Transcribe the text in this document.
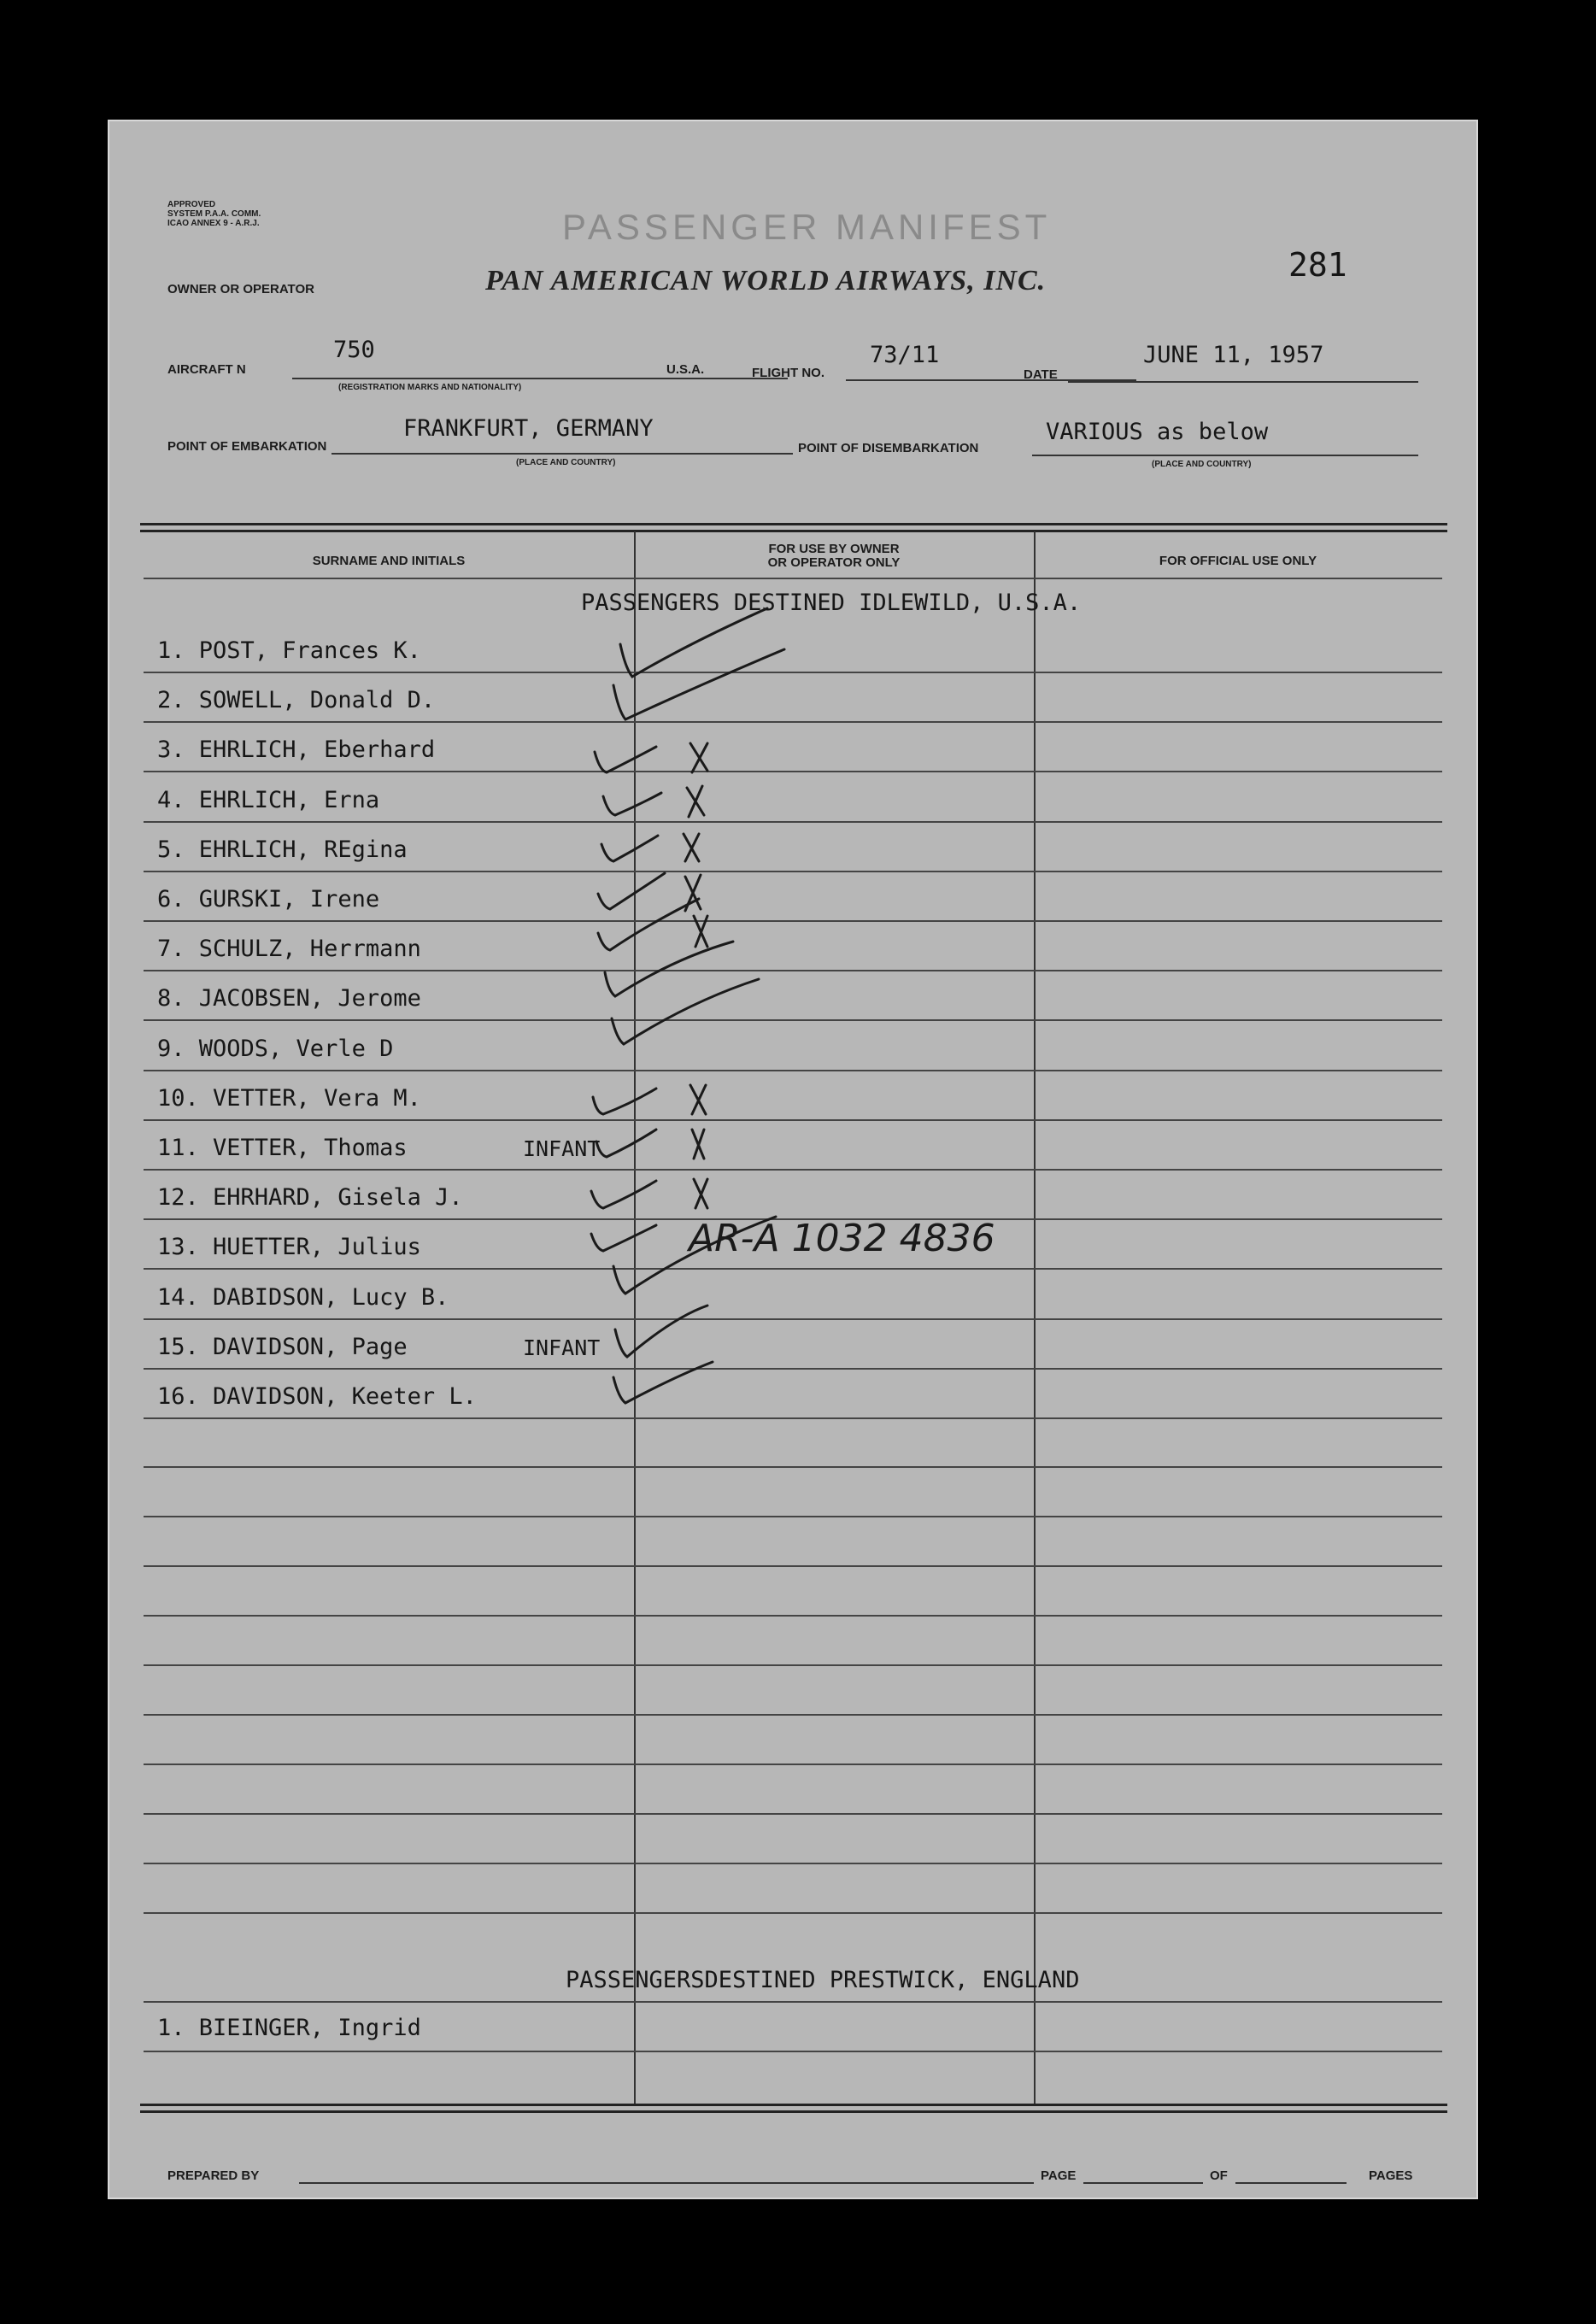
APPROVED
SYSTEM P.A.A. COMM.
ICAO ANNEX 9 - A.R.J.	PASSENGER MANIFEST
OWNER OR OPERATOR	PAN AMERICAN WORLD AIRWAYS, INC.	281
AIRCRAFT N
750
(REGISTRATION MARKS AND NATIONALITY)
U.S.A.	FLIGHT NO.
73/11
DATE
JUNE 11, 1957
POINT OF EMBARKATION
FRANKFURT, GERMANY
(PLACE AND COUNTRY)
POINT OF DISEMBARKATION
VARIOUS as below
(PLACE AND COUNTRY)
SURNAME AND INITIALS
FOR USE BY OWNER
OR OPERATOR ONLY	FOR OFFICIAL USE ONLY
PASSENGERS DESTINED IDLEWILD, U.S.A.
1. POST, Frances K.
2. SOWELL, Donald D.
3. EHRLICH, Eberhard
4. EHRLICH, Erna
5. EHRLICH, REgina
6. GURSKI, Irene
7. SCHULZ, Herrmann
8. JACOBSEN, Jerome
9. WOODS, Verle D
10. VETTER, Vera M.
11. VETTER, Thomas	INFANT
12. EHRHARD, Gisela J.
13. HUETTER, Julius
14. DABIDSON, Lucy B.
15. DAVIDSON, Page	INFANT
16. DAVIDSON, Keeter L.
PASSENGERSDESTINED PRESTWICK, ENGLAND
1. BIEINGER, Ingrid
PREPARED BY	PAGE	OF	PAGES
AR-A 1032 4836
